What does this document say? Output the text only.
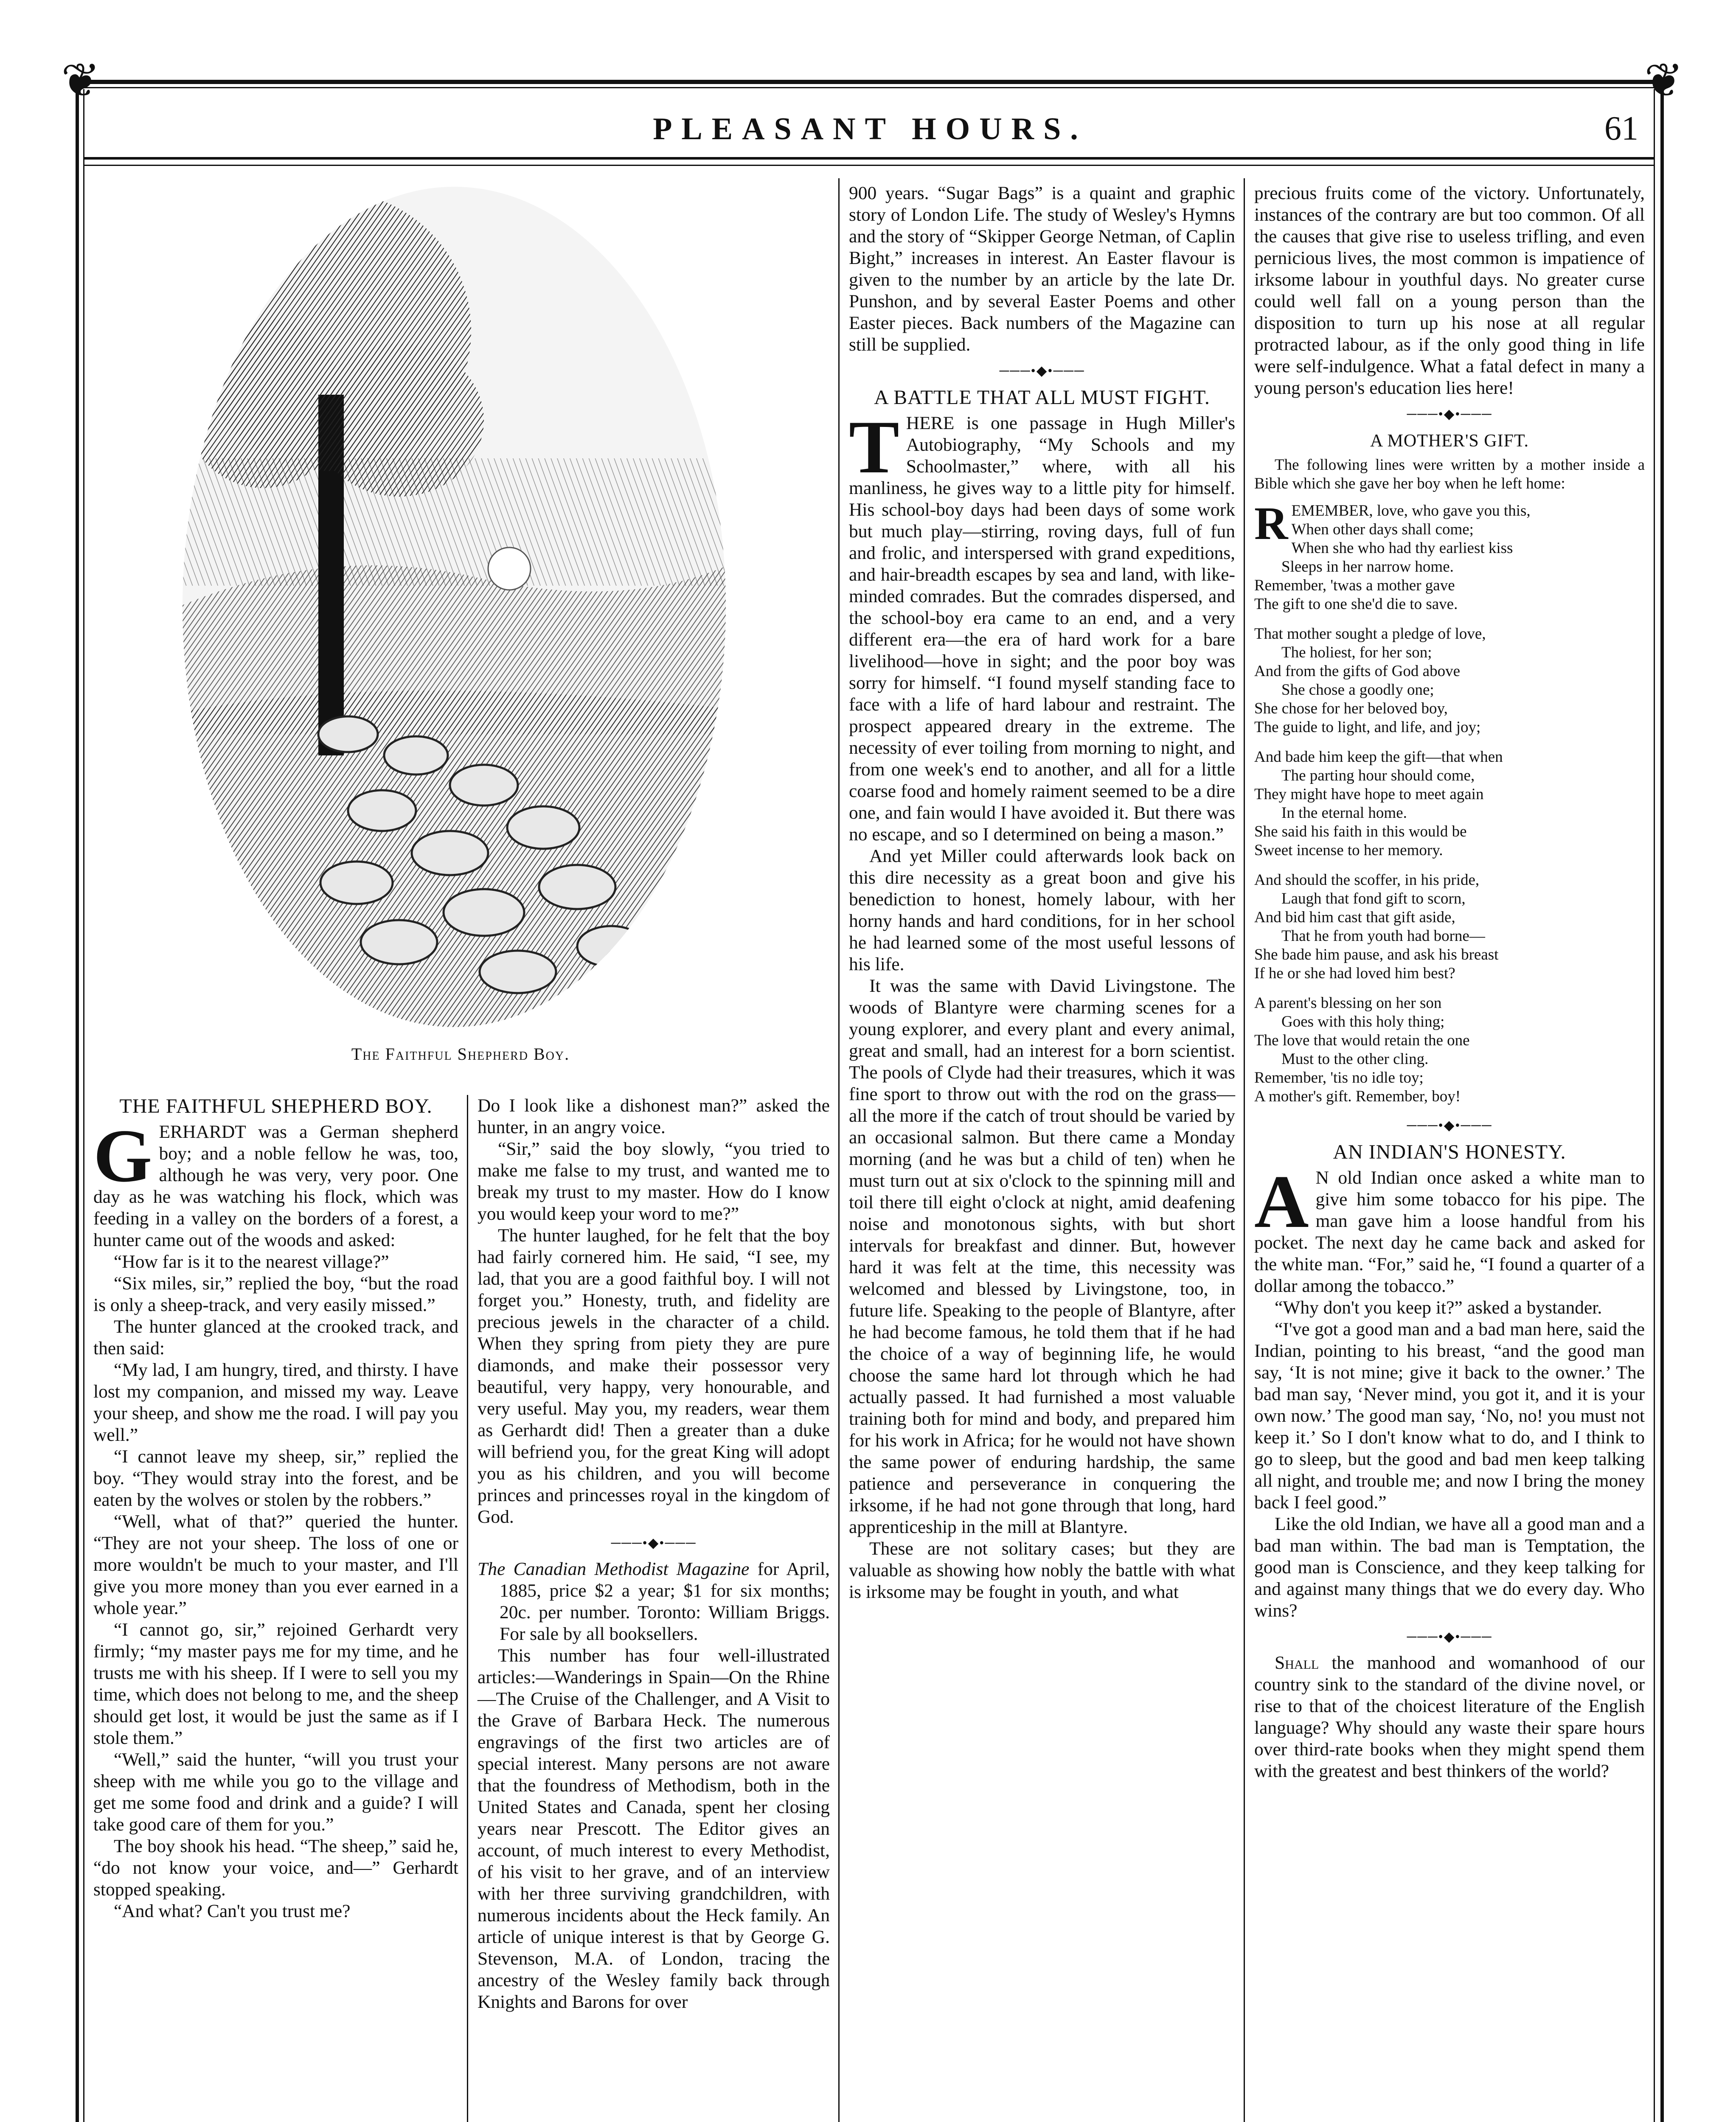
❦	❦
PLEASANT HOURS.	61
The Faithful Shepherd Boy.
THE FAITHFUL SHEPHERD BOY.

GERHARDT was a German shepherd boy; and a noble fellow he was, too, although he was very, very poor. One day as he was watching his flock, which was feeding in a valley on the borders of a forest, a hunter came out of the woods and asked:

“How far is it to the nearest village?”

“Six miles, sir,” replied the boy, “but the road is only a sheep-track, and very easily missed.”

The hunter glanced at the crooked track, and then said:

“My lad, I am hungry, tired, and thirsty. I have lost my companion, and missed my way. Leave your sheep, and show me the road. I will pay you well.”

“I cannot leave my sheep, sir,” replied the boy. “They would stray into the forest, and be eaten by the wolves or stolen by the robbers.”

“Well, what of that?” queried the hunter. “They are not your sheep. The loss of one or more wouldn't be much to your master, and I'll give you more money than you ever earned in a whole year.”

“I cannot go, sir,” rejoined Gerhardt very firmly; “my master pays me for my time, and he trusts me with his sheep. If I were to sell you my time, which does not belong to me, and the sheep should get lost, it would be just the same as if I stole them.”

“Well,” said the hunter, “will you trust your sheep with me while you go to the village and get me some food and drink and a guide? I will take good care of them for you.”

The boy shook his head. “The sheep,” said he, “do not know your voice, and—” Gerhardt stopped speaking.

“And what? Can't you trust me?

Do I look like a dishonest man?” asked the hunter, in an angry voice.

“Sir,” said the boy slowly, “you tried to make me false to my trust, and wanted me to break my trust to my master. How do I know you would keep your word to me?”

The hunter laughed, for he felt that the boy had fairly cornered him. He said, “I see, my lad, that you are a good faithful boy. I will not forget you.” Honesty, truth, and fidelity are precious jewels in the character of a child. When they spring from piety they are pure diamonds, and make their possessor very beautiful, very happy, very honourable, and very useful. May you, my readers, wear them as Gerhardt did! Then a greater than a duke will befriend you, for the great King will adopt you as his children, and you will become princes and princesses royal in the kingdom of God.

───•◆•───

The Canadian Methodist Magazine for April, 1885, price $2 a year; $1 for six months; 20c. per number. Toronto: William Briggs. For sale by all booksellers.

This number has four well-illustrated articles:—Wanderings in Spain—On the Rhine—The Cruise of the Challenger, and A Visit to the Grave of Barbara Heck. The numerous engravings of the first two articles are of special interest. Many persons are not aware that the foundress of Methodism, both in the United States and Canada, spent her closing years near Prescott. The Editor gives an account, of much interest to every Methodist, of his visit to her grave, and of an interview with her three surviving grandchildren, with numerous incidents about the Heck family. An article of unique interest is that by George G. Stevenson, M.A. of London, tracing the ancestry of the Wesley family back through Knights and Barons for over

900 years. “Sugar Bags” is a quaint and graphic story of London Life. The study of Wesley's Hymns and the story of “Skipper George Netman, of Caplin Bight,” increases in interest. An Easter flavour is given to the number by an article by the late Dr. Punshon, and by several Easter Poems and other Easter pieces. Back numbers of the Magazine can still be supplied.

───•◆•───
A BATTLE THAT ALL MUST FIGHT.

THERE is one passage in Hugh Miller's Autobiography, “My Schools and my Schoolmaster,” where, with all his manliness, he gives way to a little pity for himself. His school-boy days had been days of some work but much play—stirring, roving days, full of fun and frolic, and interspersed with grand expeditions, and hair-breadth escapes by sea and land, with like-minded comrades. But the comrades dispersed, and the school-boy era came to an end, and a very different era—the era of hard work for a bare livelihood—hove in sight; and the poor boy was sorry for himself. “I found myself standing face to face with a life of hard labour and restraint. The prospect appeared dreary in the extreme. The necessity of ever toiling from morning to night, and from one week's end to another, and all for a little coarse food and homely raiment seemed to be a dire one, and fain would I have avoided it. But there was no escape, and so I determined on being a mason.”

And yet Miller could afterwards look back on this dire necessity as a great boon and give his benediction to honest, homely labour, with her horny hands and hard conditions, for in her school he had learned some of the most useful lessons of his life.

It was the same with David Livingstone. The woods of Blantyre were charming scenes for a young explorer, and every plant and every animal, great and small, had an interest for a born scientist. The pools of Clyde had their treasures, which it was fine sport to throw out with the rod on the grass—all the more if the catch of trout should be varied by an occasional salmon. But there came a Monday morning (and he was but a child of ten) when he must turn out at six o'clock to the spinning mill and toil there till eight o'clock at night, amid deafening noise and monotonous sights, with but short intervals for breakfast and dinner. But, however hard it was felt at the time, this necessity was welcomed and blessed by Livingstone, too, in future life. Speaking to the people of Blantyre, after he had become famous, he told them that if he had the choice of a way of beginning life, he would choose the same hard lot through which he had actually passed. It had furnished a most valuable training both for mind and body, and prepared him for his work in Africa; for he would not have shown the same power of enduring hardship, the same patience and perseverance in conquering the irksome, if he had not gone through that long, hard apprenticeship in the mill at Blantyre.

These are not solitary cases; but they are valuable as showing how nobly the battle with what is irksome may be fought in youth, and what

precious fruits come of the victory. Unfortunately, instances of the contrary are but too common. Of all the causes that give rise to useless trifling, and even pernicious lives, the most common is impatience of irksome labour in youthful days. No greater curse could well fall on a young person than the disposition to turn up his nose at all regular protracted labour, as if the only good thing in life were self-indulgence. What a fatal defect in many a young person's education lies here!

───•◆•───
A MOTHER'S GIFT.

The following lines were written by a mother inside a Bible which she gave her boy when he left home:

REMEMBER, love, who gave you this,
When other days shall come;
When she who had thy earliest kiss
Sleeps in her narrow home.
Remember, 'twas a mother gave
The gift to one she'd die to save.
That mother sought a pledge of love,
The holiest, for her son;
And from the gifts of God above
She chose a goodly one;
She chose for her beloved boy,
The guide to light, and life, and joy;
And bade him keep the gift—that when
The parting hour should come,
They might have hope to meet again
In the eternal home.
She said his faith in this would be
Sweet incense to her memory.
And should the scoffer, in his pride,
Laugh that fond gift to scorn,
And bid him cast that gift aside,
That he from youth had borne—
She bade him pause, and ask his breast
If he or she had loved him best?
A parent's blessing on her son
Goes with this holy thing;
The love that would retain the one
Must to the other cling.
Remember, 'tis no idle toy;
A mother's gift. Remember, boy!
───•◆•───
AN INDIAN'S HONESTY.

A N old Indian once asked a white man to give him some tobacco for his pipe. The man gave him a loose handful from his pocket. The next day he came back and asked for the white man. “For,” said he, “I found a quarter of a dollar among the tobacco.”

“Why don't you keep it?” asked a bystander.

“I've got a good man and a bad man here, said the Indian, pointing to his breast, “and the good man say, ‘It is not mine; give it back to the owner.’ The bad man say, ‘Never mind, you got it, and it is your own now.’ The good man say, ‘No, no! you must not keep it.’ So I don't know what to do, and I think to go to sleep, but the good and bad men keep talking all night, and trouble me; and now I bring the money back I feel good.”

Like the old Indian, we have all a good man and a bad man within. The bad man is Temptation, the good man is Conscience, and they keep talking for and against many things that we do every day. Who wins?

───•◆•───

Shall the manhood and womanhood of our country sink to the standard of the divine novel, or rise to that of the choicest literature of the English language? Why should any waste their spare hours over third-rate books when they might spend them with the greatest and best thinkers of the world?
